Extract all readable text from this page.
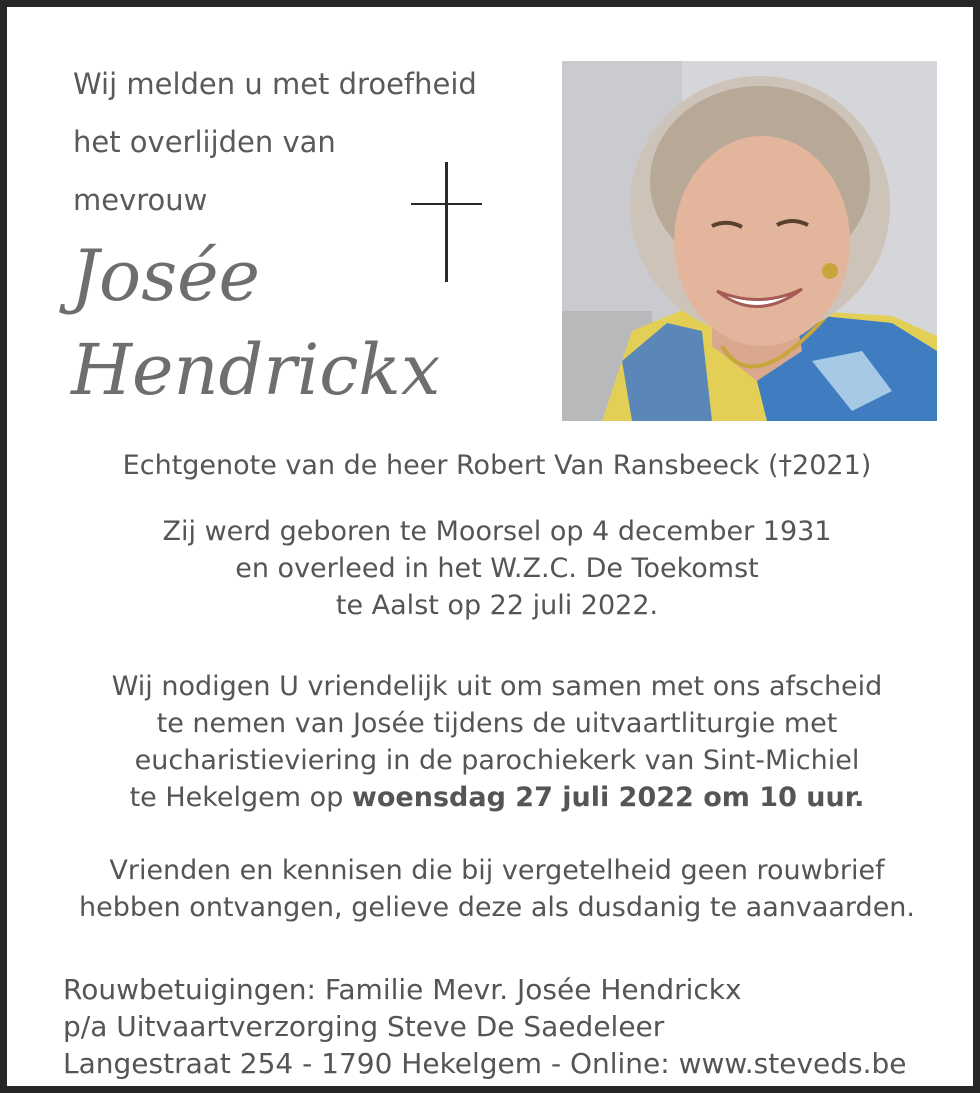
Wij melden u met droefheid
het overlijden van
mevrouw
Josée
Hendrickx
Echtgenote van de heer Robert Van Ransbeeck (†2021)
Zij werd geboren te Moorsel op 4 december 1931
en overleed in het W.Z.C. De Toekomst
te Aalst op 22 juli 2022.
Wij nodigen U vriendelijk uit om samen met ons afscheid
te nemen van Josée tijdens de uitvaartliturgie met
eucharistieviering in de parochiekerk van Sint-Michiel
te Hekelgem op woensdag 27 juli 2022 om 10 uur.
Vrienden en kennisen die bij vergetelheid geen rouwbrief
hebben ontvangen, gelieve deze als dusdanig te aanvaarden.
Rouwbetuigingen: Familie Mevr. Josée Hendrickx
p/a Uitvaartverzorging Steve De Saedeleer
Langestraat 254 - 1790 Hekelgem - Online: www.steveds.be
